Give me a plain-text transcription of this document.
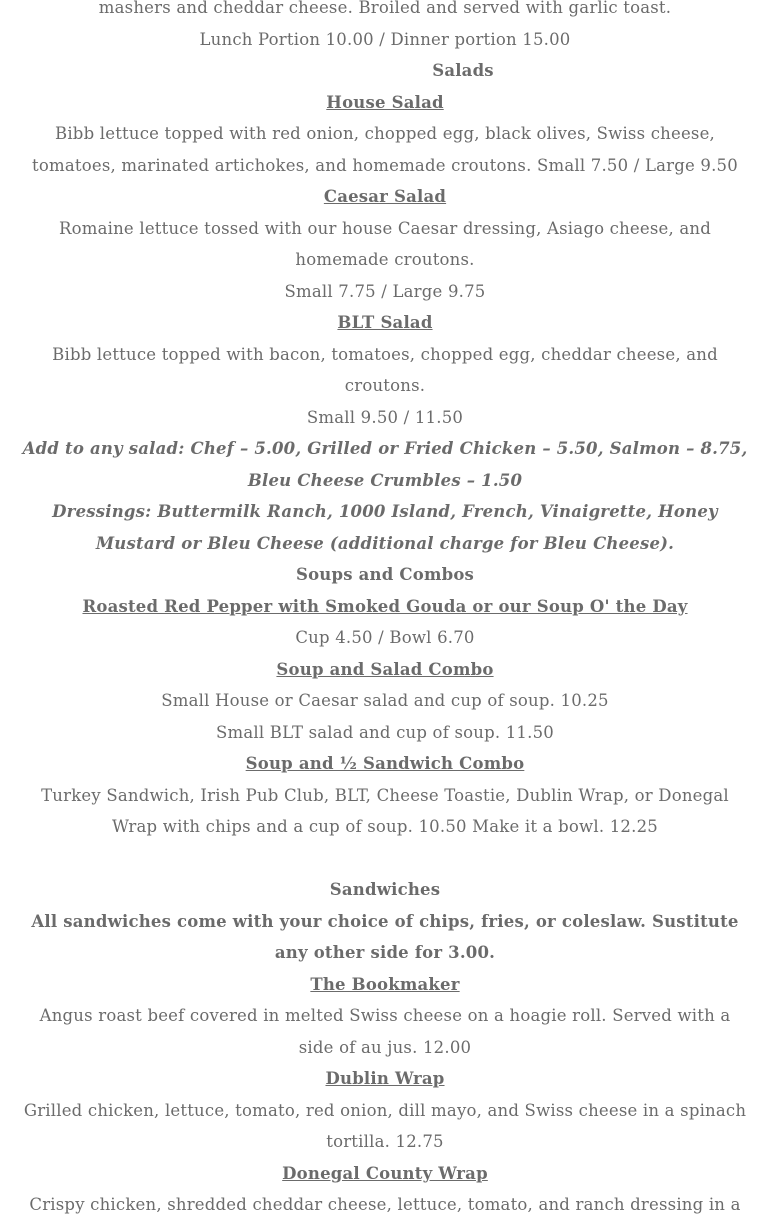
mashers and cheddar cheese. Broiled and served with garlic toast.

Lunch Portion 10.00 / Dinner portion 15.00

Salads

House Salad

Bibb lettuce topped with red onion, chopped egg, black olives, Swiss cheese, tomatoes, marinated artichokes, and homemade croutons. Small 7.50 / Large 9.50

Caesar Salad

Romaine lettuce tossed with our house Caesar dressing, Asiago cheese, and homemade croutons.

Small 7.75 / Large 9.75

BLT Salad

Bibb lettuce topped with bacon, tomatoes, chopped egg, cheddar cheese, and croutons.

Small 9.50 / 11.50

Add to any salad: Chef – 5.00, Grilled or Fried Chicken – 5.50, Salmon – 8.75, Bleu Cheese Crumbles – 1.50

Dressings: Buttermilk Ranch, 1000 Island, French, Vinaigrette, Honey Mustard or Bleu Cheese (additional charge for Bleu Cheese).

Soups and Combos

Roasted Red Pepper with Smoked Gouda or our Soup O' the Day

Cup 4.50 / Bowl 6.70

Soup and Salad Combo

Small House or Caesar salad and cup of soup. 10.25

Small BLT salad and cup of soup. 11.50

Soup and ½ Sandwich Combo

Turkey Sandwich, Irish Pub Club, BLT, Cheese Toastie, Dublin Wrap, or Donegal Wrap with chips and a cup of soup. 10.50 Make it a bowl. 12.25

Sandwiches

All sandwiches come with your choice of chips, fries, or coleslaw. Sustitute any other side for 3.00.

The Bookmaker

Angus roast beef covered in melted Swiss cheese on a hoagie roll. Served with a side of au jus. 12.00

Dublin Wrap

Grilled chicken, lettuce, tomato, red onion, dill mayo, and Swiss cheese in a spinach tortilla. 12.75

Donegal County Wrap

Crispy chicken, shredded cheddar cheese, lettuce, tomato, and ranch dressing in a
